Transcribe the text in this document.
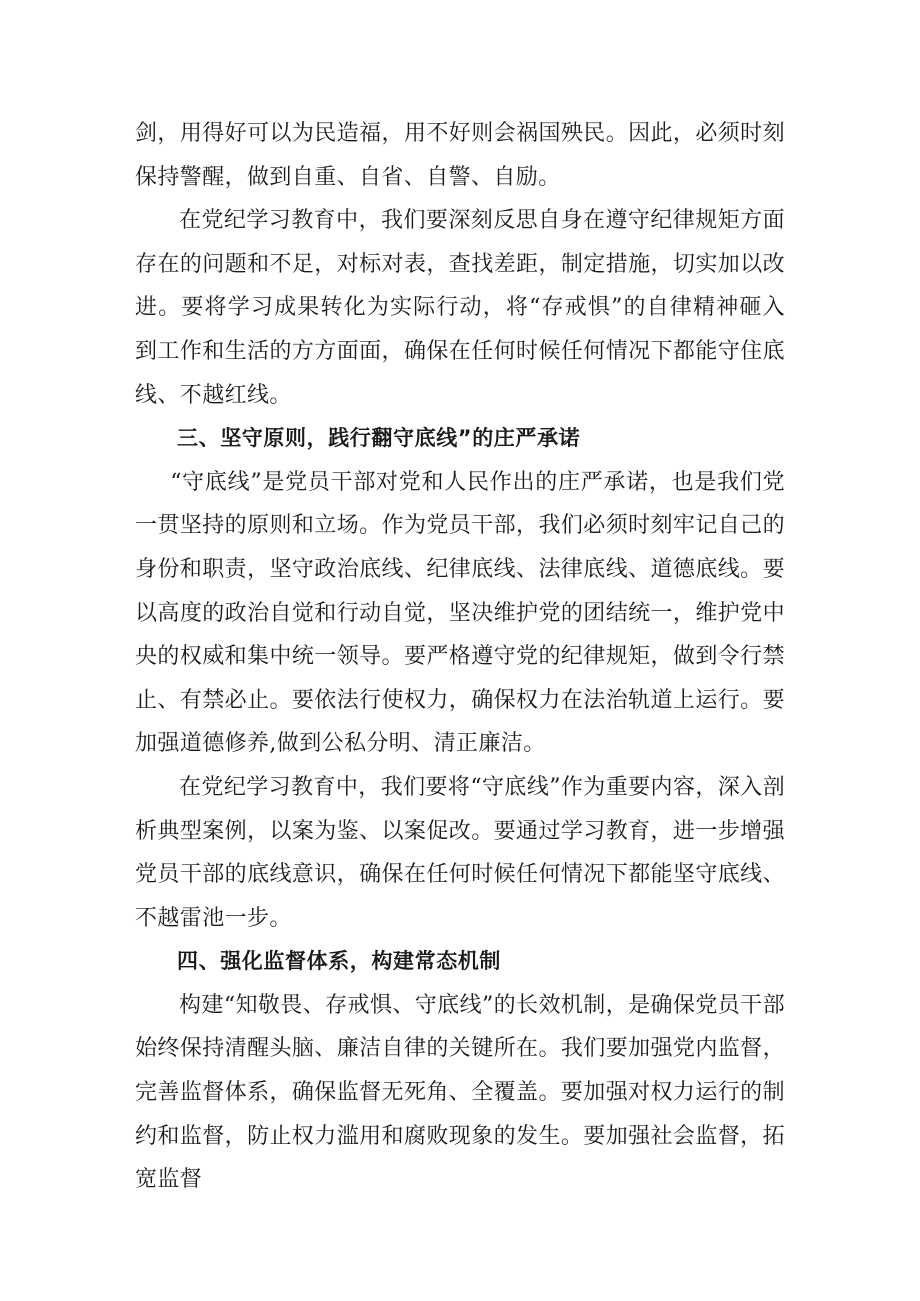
剑，用得好可以为民造福，用不好则会祸国殃民。因此，必须时刻保持警醒，做到自重、自省、自警、自励。

在党纪学习教育中，我们要深刻反思自身在遵守纪律规矩方面存在的问题和不足，对标对表，查找差距，制定措施，切实加以改进。要将学习成果转化为实际行动，将“存戒惧”的自律精神砸入到工作和生活的方方面面，确保在任何时候任何情况下都能守住底线、不越红线。

三、坚守原则，践行翻守底线”的庄严承诺

“守底线”是党员干部对党和人民作出的庄严承诺，也是我们党一贯坚持的原则和立场。作为党员干部，我们必须时刻牢记自己的身份和职责，坚守政治底线、纪律底线、法律底线、道德底线。要以高度的政治自觉和行动自觉，坚决维护党的团结统一，维护党中央的权威和集中统一领导。要严格遵守党的纪律规矩，做到令行禁止、有禁必止。要依法行使权力，确保权力在法治轨道上运行。要加强道德修养,做到公私分明、清正廉洁。

在党纪学习教育中，我们要将“守底线”作为重要内容，深入剖析典型案例，以案为鉴、以案促改。要通过学习教育，进一步增强党员干部的底线意识，确保在任何时候任何情况下都能坚守底线、不越雷池一步。

四、强化监督体系，构建常态机制

构建“知敬畏、存戒惧、守底线”的长效机制，是确保党员干部始终保持清醒头脑、廉洁自律的关键所在。我们要加强党内监督，完善监督体系，确保监督无死角、全覆盖。要加强对权力运行的制约和监督，防止权力滥用和腐败现象的发生。要加强社会监督，拓宽监督
